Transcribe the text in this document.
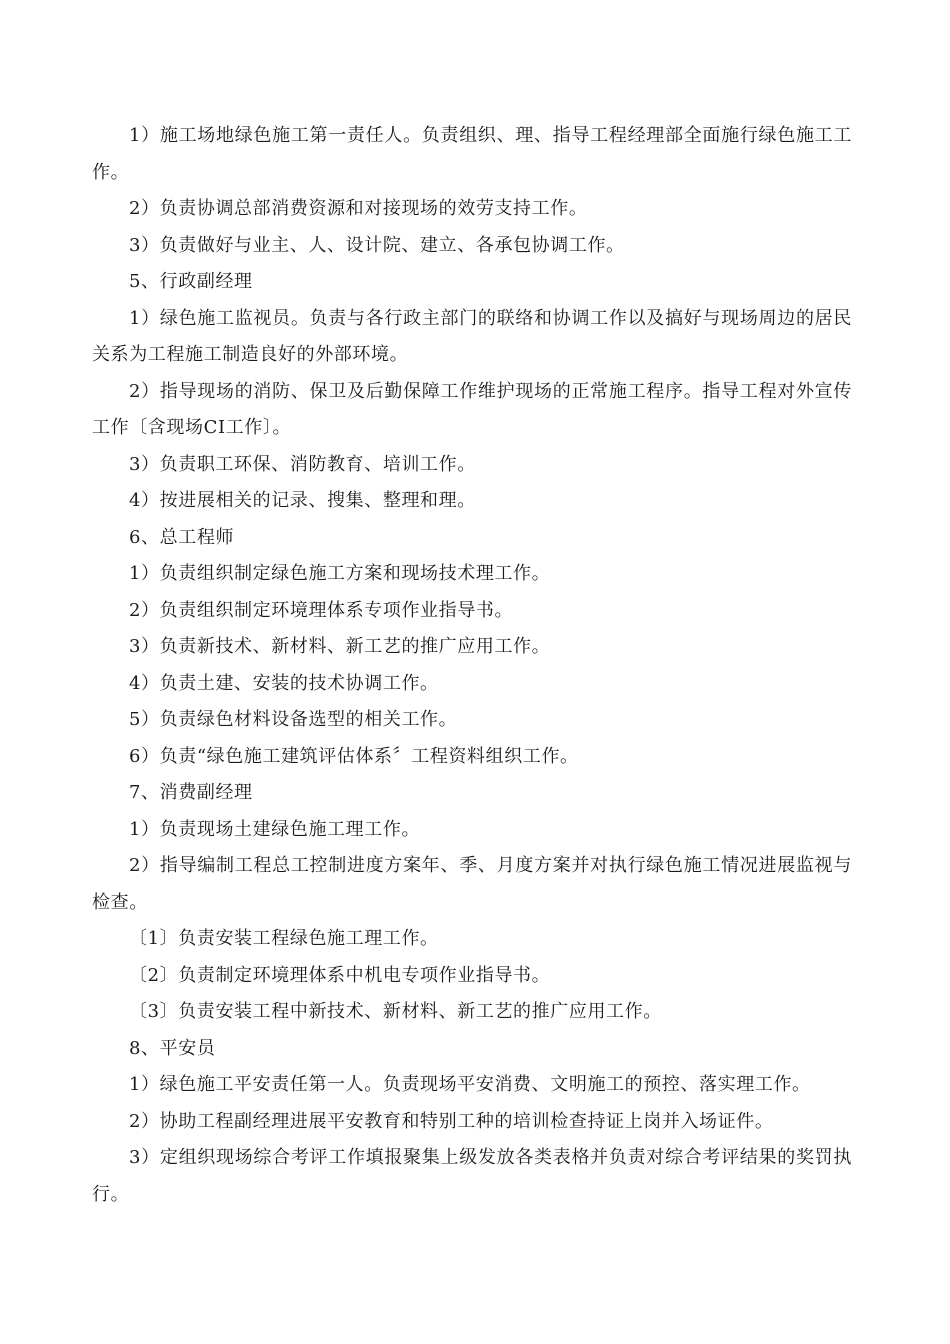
1）施工场地绿色施工第一责任人。负责组织、理、指导工程经理部全面施行绿色施工工作。

2）负责协调总部消费资源和对接现场的效劳支持工作。

3）负责做好与业主、人、设计院、建立、各承包协调工作。

5、行政副经理

1）绿色施工监视员。负责与各行政主部门的联络和协调工作以及搞好与现场周边的居民关系为工程施工制造良好的外部环境。

2）指导现场的消防、保卫及后勤保障工作维护现场的正常施工程序。指导工程对外宣传工作〔含现场CI工作〕。

3）负责职工环保、消防教育、培训工作。

4）按进展相关的记录、搜集、整理和理。

6、总工程师

1）负责组织制定绿色施工方案和现场技术理工作。

2）负责组织制定环境理体系专项作业指导书。

3）负责新技术、新材料、新工艺的推广应用工作。

4）负责土建、安装的技术协调工作。

5）负责绿色材料设备选型的相关工作。

6）负责“绿色施工建筑评估体系〞工程资料组织工作。

7、消费副经理

1）负责现场土建绿色施工理工作。

2）指导编制工程总工控制进度方案年、季、月度方案并对执行绿色施工情况进展监视与检查。

〔1〕负责安装工程绿色施工理工作。

〔2〕负责制定环境理体系中机电专项作业指导书。

〔3〕负责安装工程中新技术、新材料、新工艺的推广应用工作。

8、平安员

1）绿色施工平安责任第一人。负责现场平安消费、文明施工的预控、落实理工作。

2）协助工程副经理进展平安教育和特别工种的培训检查持证上岗并入场证件。

3）定组织现场综合考评工作填报聚集上级发放各类表格并负责对综合考评结果的奖罚执行。
